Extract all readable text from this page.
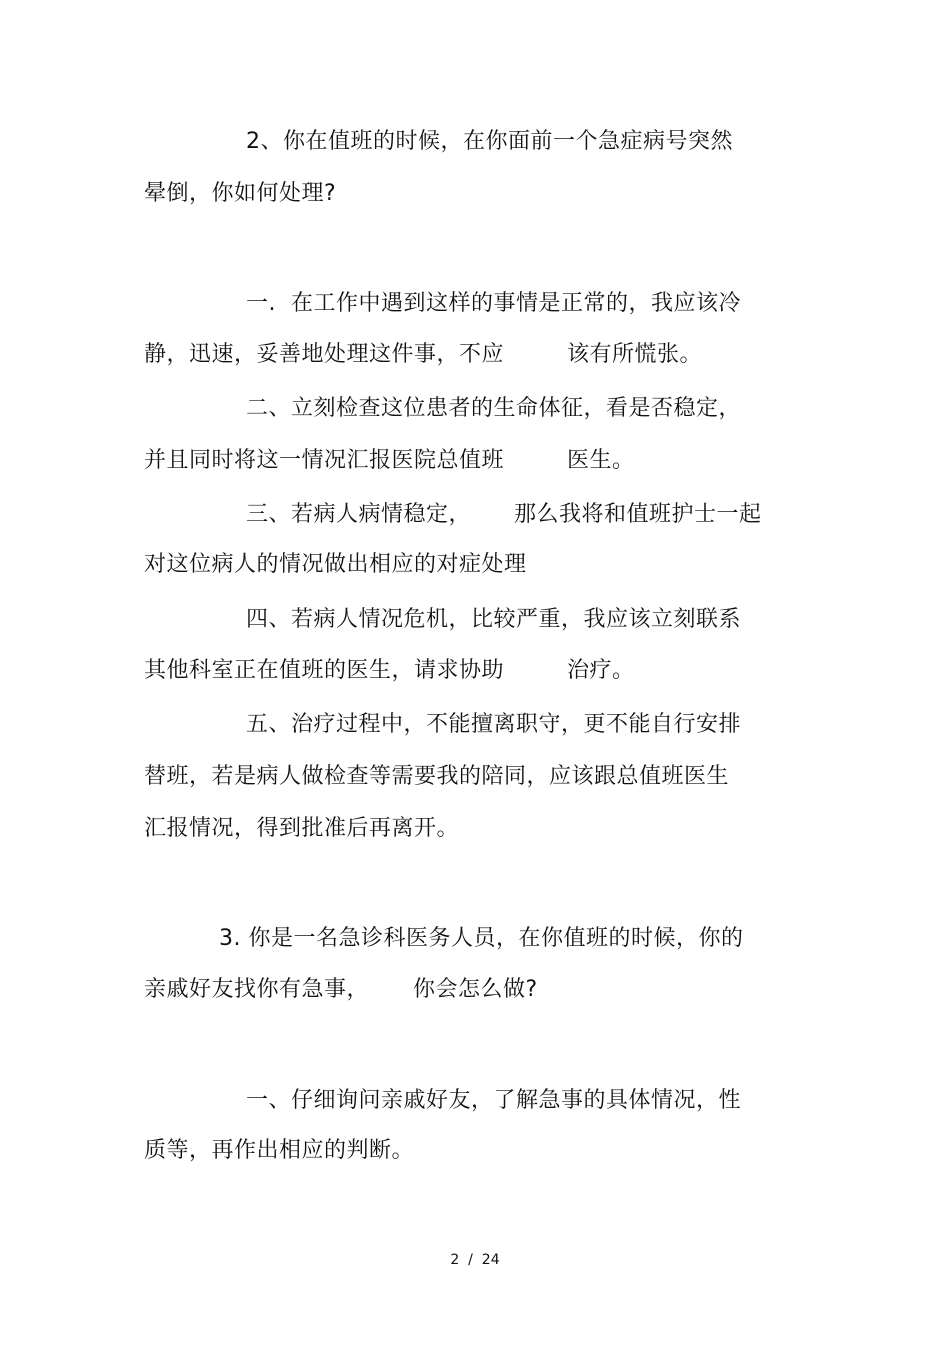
2、你在值班的时候，在你面前一个急症病号突然
晕倒，你如何处理?
一.  在工作中遇到这样的事情是正常的，我应该冷
静，迅速，妥善地处理这件事，不应	该有所慌张。
二、立刻检查这位患者的生命体征，看是否稳定，
并且同时将这一情况汇报医院总值班	医生。
三、若病人病情稳定， 那么我将和值班护士一起
对这位病人的情况做出相应的对症处理
四、若病人情况危机，比较严重，我应该立刻联系
其他科室正在值班的医生，请求协助	治疗。
五、治疗过程中，不能擅离职守，更不能自行安排
替班，若是病人做检查等需要我的陪同，应该跟总值班医生
汇报情况，得到批准后再离开。
3. 你是一名急诊科医务人员，在你值班的时候，你的
亲戚好友找你有急事， 你会怎么做?
一、仔细询问亲戚好友，了解急事的具体情况，性
质等，再作出相应的判断。
2  /  24
